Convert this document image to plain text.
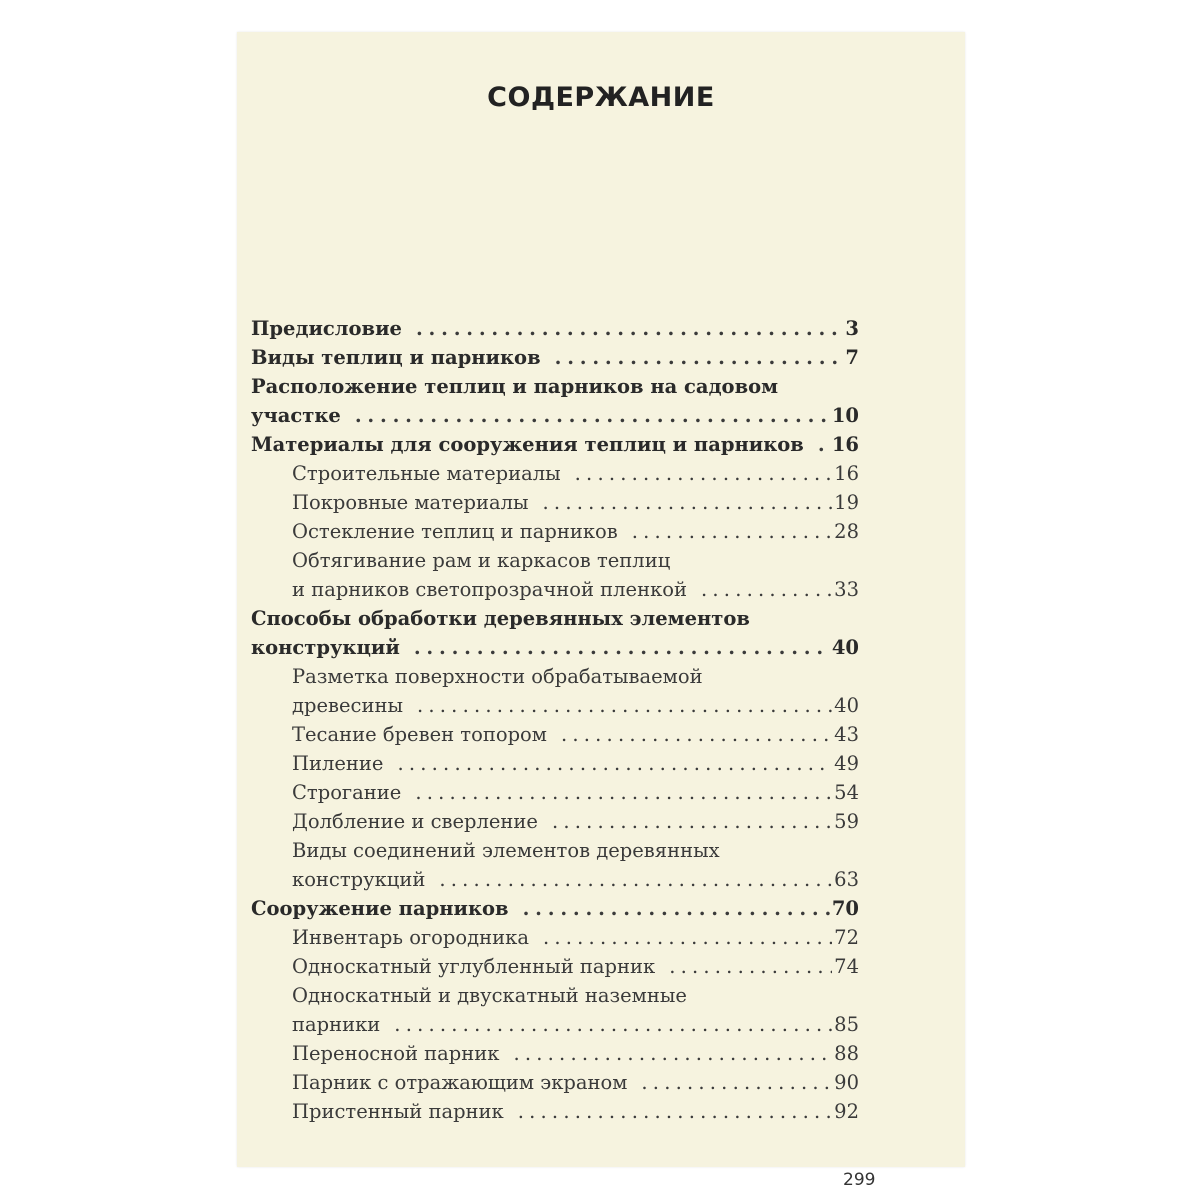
СОДЕРЖАНИЕ
Предисловие . . .	3
Виды теплиц и парников . . .	7
Расположение теплиц и парников на садовом
участке . . .	10
Материалы для сооружения теплиц и парников . . . 16
Строительные материалы . . .	16
Покровные материалы . . .	19
Остекление теплиц и парников . . .	28
Обтягивание рам и каркасов теплиц
и парников светопрозрачной пленкой . . .	33
Способы обработки деревянных элементов
конструкций . . .	40
Разметка поверхности обрабатываемой
древесины . . .	40
Тесание бревен топором . . .	43
Пиление . . .	49
Строгание . . .	54
Долбление и сверление . . .	59
Виды соединений элементов деревянных
конструкций . . .	63
Сооружение парников . . .	70
Инвентарь огородника . . .	72
Односкатный углубленный парник . . .	74
Односкатный и двускатный наземные
парники . . .	85
Переносной парник . . .	88
Парник с отражающим экраном . . .	90
Пристенный парник . . .	92
299
